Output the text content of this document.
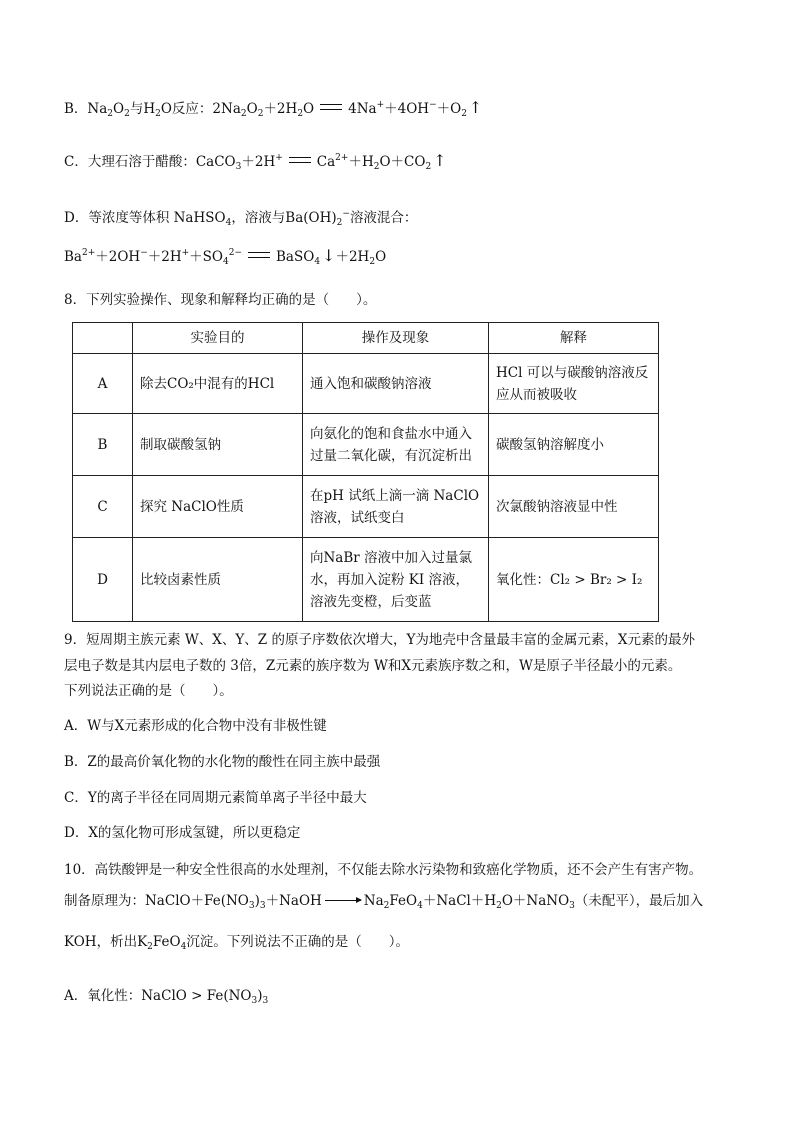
B．$Na_2O_2$与$H_2O$反应：$2Na_2O_2+2H_2O$	$4Na^++4OH^-+O_2$ ↑
C．大理石溶于醋酸：CaCO$_3$＋2H+	$Ca^{2+}+H_2O+CO_2$ ↑
D．等浓度等体积 NaHSO$_4$，溶液与$Ba(OH)_2^-$溶液混合：
$Ba^{2+}+2OH^-+2H^++SO_4^{2-}$	BaSO$_4$ $↓+2H_2O$
8．下列实验操作、现象和解释均正确的是（　　）。
	实验目的	操作及现象	解释
A	除去CO₂中混有的HCl	通入饱和碳酸钠溶液	HCl 可以与碳酸钠溶液反应从而被吸收
B	制取碳酸氢钠	向氨化的饱和食盐水中通入过量二氧化碳，有沉淀析出	碳酸氢钠溶解度小
C	探究 NaClO性质	在pH 试纸上滴一滴 NaClO溶液，试纸变白	次氯酸钠溶液显中性
D	比较卤素性质	向NaBr 溶液中加入过量氯水，再加入淀粉 KI 溶液，溶液先变橙，后变蓝	氧化性：Cl₂ > Br₂ > I₂
9．短周期主族元素 W、X、Y、Z 的原子序数依次增大，Y为地壳中含量最丰富的金属元素，X元素的最外
层电子数是其内层电子数的 3倍，Z元素的族序数为 W和X元素族序数之和，W是原子半径最小的元素。
下列说法正确的是（　　）。
A．W与X元素形成的化合物中没有非极性键
B．Z的最高价氧化物的水化物的酸性在同主族中最强
C．Y的离子半径在同周期元素简单离子半径中最大
D．X的氢化物可形成氢键，所以更稳定
10．高铁酸钾是一种安全性很高的水处理剂，不仅能去除水污染物和致癌化学物质，还不会产生有害产物。
制备原理为：$NaClO+Fe(NO_3)_3+NaOH$ → $Na_2FeO_4+NaCl+H_2O+NaNO_3$（未配平），最后加入
KOH，析出$K_2FeO_4$沉淀。下列说法不正确的是（　　）。
A．氧化性：NaClO > $Fe(NO_3)_3$
